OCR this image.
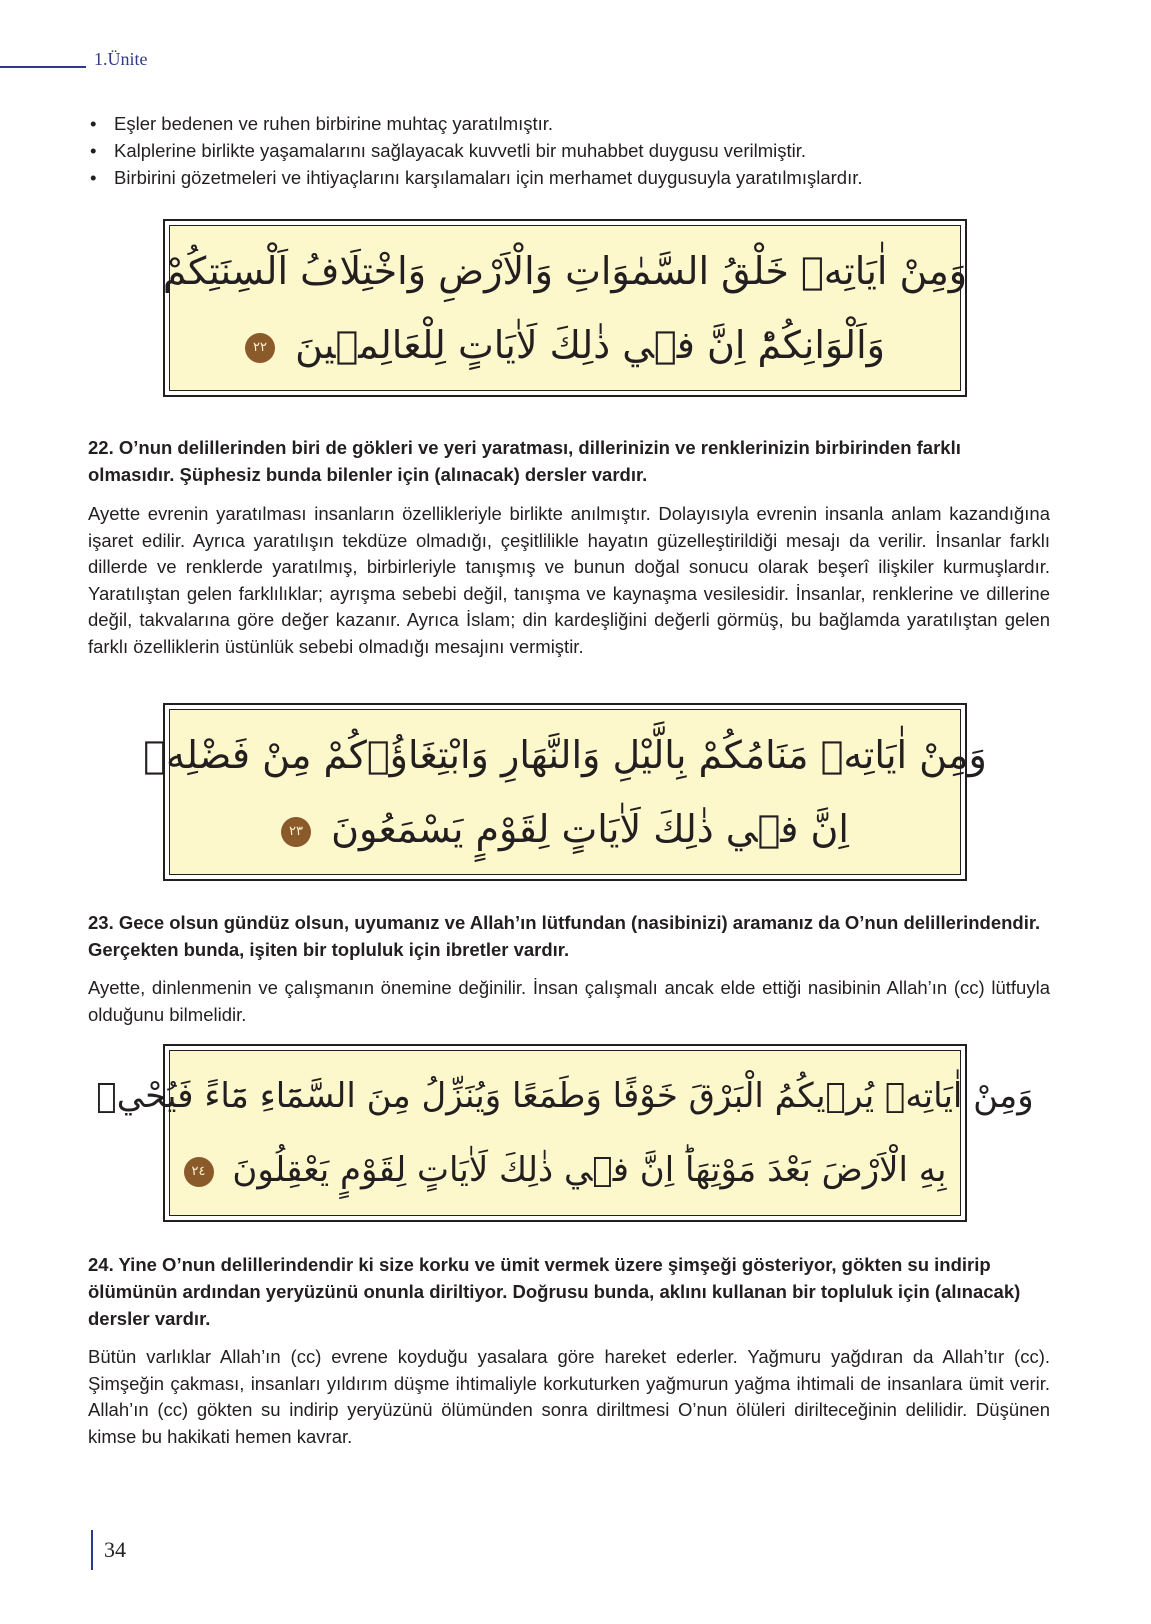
1.Ünite
• Eşler bedenen ve ruhen birbirine muhtaç yaratılmıştır.
• Kalplerine birlikte yaşamalarını sağlayacak kuvvetli bir muhabbet duygusu verilmiştir.
• Birbirini gözetmeleri ve ihtiyaçlarını karşılamaları için merhamet duygusuyla yaratılmışlardır.
وَمِنْ اٰيَاتِه۪ خَلْقُ السَّمٰوَاتِ وَالْاَرْضِ وَاخْتِلَافُ اَلْسِنَتِكُمْ
وَاَلْوَانِكُمْؕ اِنَّ ف۪ي ذٰلِكَ لَاٰيَاتٍ لِلْعَالِم۪ينَ ٢٢

22. O’nun delillerinden biri de gökleri ve yeri yaratması, dillerinizin ve renklerinizin birbirinden farklı olmasıdır. Şüphesiz bunda bilenler için (alınacak) dersler vardır.

Ayette evrenin yaratılması insanların özellikleriyle birlikte anılmıştır. Dolayısıyla evrenin insanla anlam kazandığına işaret edilir. Ayrıca yaratılışın tekdüze olmadığı, çeşitlilikle hayatın güzelleştirildiği mesajı da verilir. İnsanlar farklı dillerde ve renklerde yaratılmış, birbirleriyle tanışmış ve bunun doğal sonucu olarak beşerî ilişkiler kurmuşlardır. Yaratılıştan gelen farklılıklar; ayrışma sebebi değil, tanışma ve kaynaşma vesilesidir. İnsanlar, renklerine ve dillerine değil, takvalarına göre değer kazanır. Ayrıca İslam; din kardeşliğini değerli görmüş, bu bağlamda yaratılıştan gelen farklı özelliklerin üstünlük sebebi olmadığı mesajını vermiştir.

وَمِنْ اٰيَاتِه۪ مَنَامُكُمْ بِالَّيْلِ وَالنَّهَارِ وَابْتِغَاؤُ۬كُمْ مِنْ فَضْلِه۪
اِنَّ ف۪ي ذٰلِكَ لَاٰيَاتٍ لِقَوْمٍ يَسْمَعُونَ ٢٣

23. Gece olsun gündüz olsun, uyumanız ve Allah’ın lütfundan (nasibinizi) aramanız da O’nun delillerindendir. Gerçekten bunda, işiten bir topluluk için ibretler vardır.

Ayette, dinlenmenin ve çalışmanın önemine değinilir. İnsan çalışmalı ancak elde ettiği nasibinin Allah’ın (cc) lütfuyla olduğunu bilmelidir.

وَمِنْ اٰيَاتِه۪ يُر۪يكُمُ الْبَرْقَ خَوْفًا وَطَمَعًا وَيُنَزِّلُ مِنَ السَّمَٓاءِ مَٓاءً فَيُحْي۪
بِهِ الْاَرْضَ بَعْدَ مَوْتِهَاؕ اِنَّ ف۪ي ذٰلِكَ لَاٰيَاتٍ لِقَوْمٍ يَعْقِلُونَ ٢٤

24. Yine O’nun delillerindendir ki size korku ve ümit vermek üzere şimşeği gösteriyor, gökten su indirip ölümünün ardından yeryüzünü onunla diriltiyor. Doğrusu bunda, aklını kullanan bir topluluk için (alınacak) dersler vardır.

Bütün varlıklar Allah’ın (cc) evrene koyduğu yasalara göre hareket ederler. Yağmuru yağdıran da Allah’tır (cc). Şimşeğin çakması, insanları yıldırım düşme ihtimaliyle korkuturken yağmurun yağma ihtimali de insanlara ümit verir. Allah’ın (cc) gökten su indirip yeryüzünü ölümünden sonra diriltmesi O’nun ölüleri dirilteceğinin delilidir. Düşünen kimse bu hakikati hemen kavrar.

34
